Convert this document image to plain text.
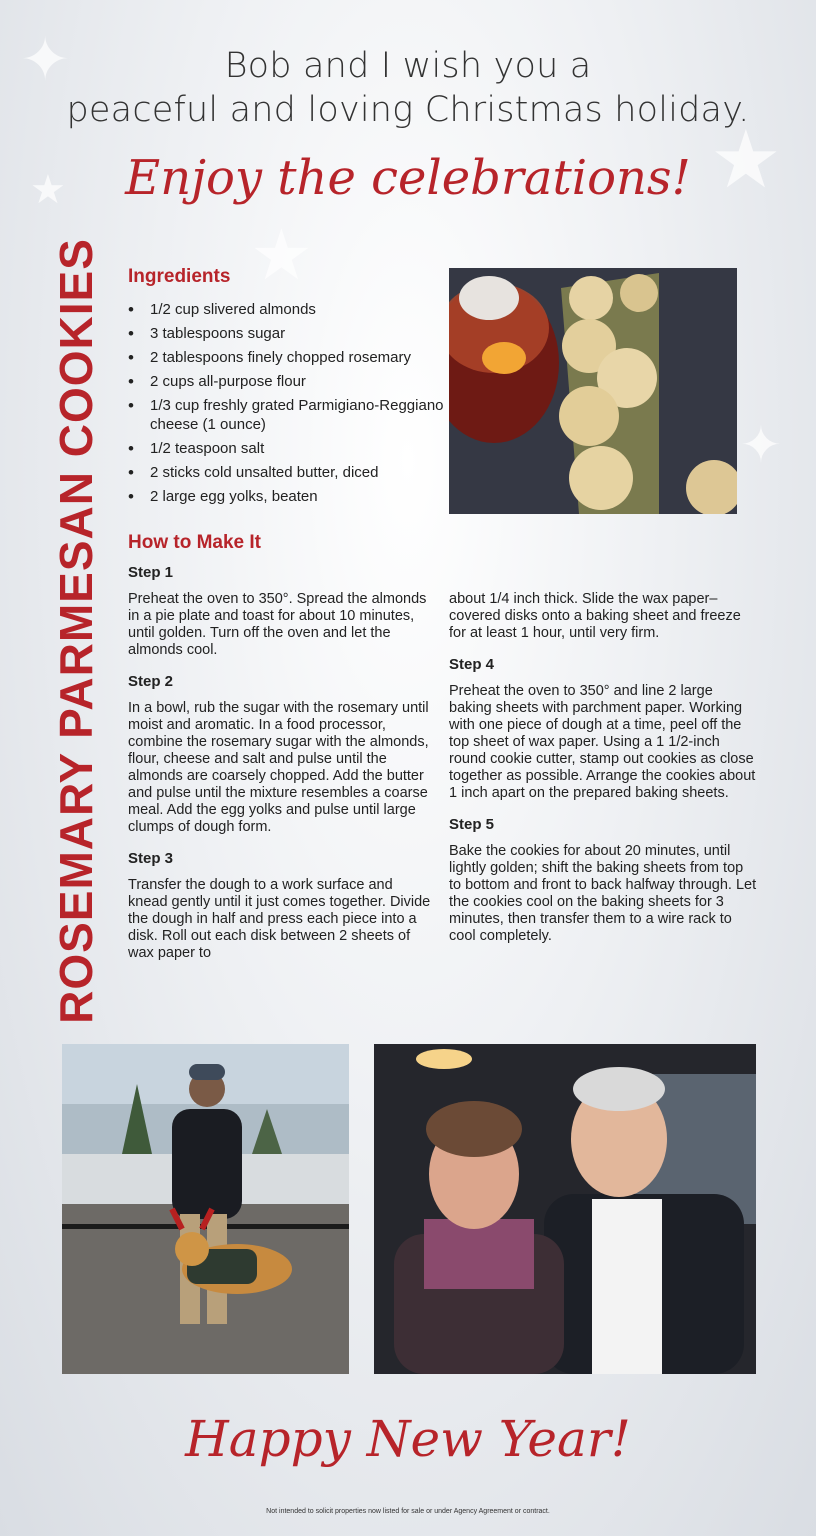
✦
★
★
★
✦
Bob and I wish you a
peaceful and loving Christmas holiday.
Enjoy the celebrations!
ROSEMARY PARMESAN COOKIES Ingredients
• 1/2 cup slivered almonds
• 3 tablespoons sugar
• 2 tablespoons finely chopped rosemary
• 2 cups all-purpose flour
• 1/3 cup freshly grated Parmigiano-Reggiano cheese (1 ounce)
• 1/2 teaspoon salt
• 2 sticks cold unsalted butter, diced
• 2 large egg yolks, beaten
How to Make It
Step 1

Preheat the oven to 350°. Spread the almonds in a pie plate and toast for about 10 minutes, until golden. Turn off the oven and let the almonds cool.

Step 2

In a bowl, rub the sugar with the rosemary until moist and aromatic. In a food processor, combine the rosemary sugar with the almonds, flour, cheese and salt and pulse until the almonds are coarsely chopped. Add the butter and pulse until the mixture resembles a coarse meal. Add the egg yolks and pulse until large clumps of dough form.

Step 3

Transfer the dough to a work surface and knead gently until it just comes together. Divide the dough in half and press each piece into a disk. Roll out each disk between 2 sheets of wax paper to

about 1/4 inch thick. Slide the wax paper–covered disks onto a baking sheet and freeze for at least 1 hour, until very firm.

Step 4

Preheat the oven to 350° and line 2 large baking sheets with parchment paper. Working with one piece of dough at a time, peel off the top sheet of wax paper. Using a 1 1/2-inch round cookie cutter, stamp out cookies as close together as possible. Arrange the cookies about 1 inch apart on the prepared baking sheets.

Step 5

Bake the cookies for about 20 minutes, until lightly golden; shift the baking sheets from top to bottom and front to back halfway through. Let the cookies cool on the baking sheets for 3 minutes, then transfer them to a wire rack to cool completely.

Happy New Year!
Not intended to solicit properties now listed for sale or under Agency Agreement or contract.
